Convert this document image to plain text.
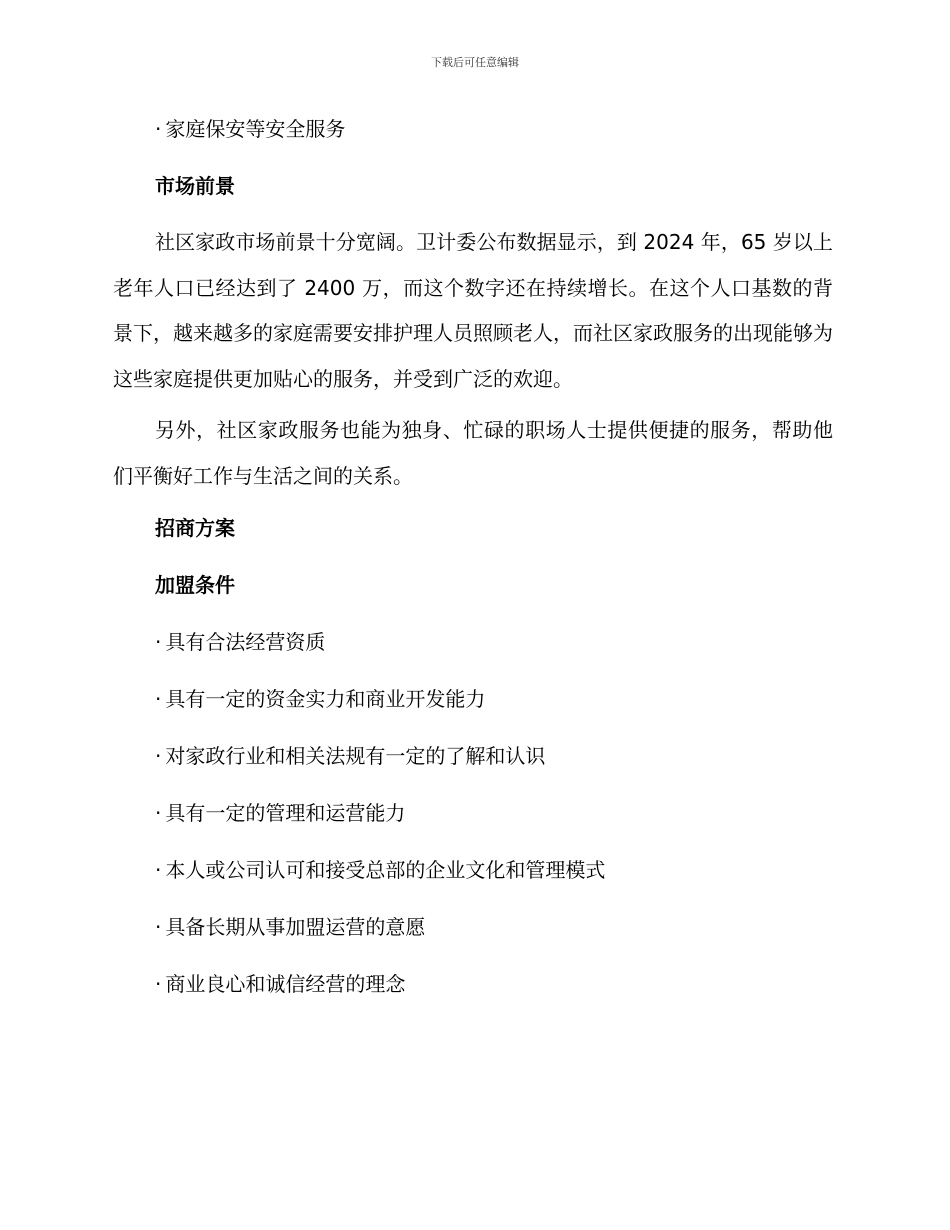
下载后可任意编辑
· 家庭保安等安全服务
市场前景
社区家政市场前景十分宽阔。卫计委公布数据显示，到 2024 年，65 岁以上老年人口已经达到了 2400 万，而这个数字还在持续增长。在这个人口基数的背景下，越来越多的家庭需要安排护理人员照顾老人，而社区家政服务的出现能够为这些家庭提供更加贴心的服务，并受到广泛的欢迎。
另外，社区家政服务也能为独身、忙碌的职场人士提供便捷的服务，帮助他们平衡好工作与生活之间的关系。
招商方案
加盟条件
· 具有合法经营资质
· 具有一定的资金实力和商业开发能力
· 对家政行业和相关法规有一定的了解和认识
· 具有一定的管理和运营能力
· 本人或公司认可和接受总部的企业文化和管理模式
· 具备长期从事加盟运营的意愿
· 商业良心和诚信经营的理念
